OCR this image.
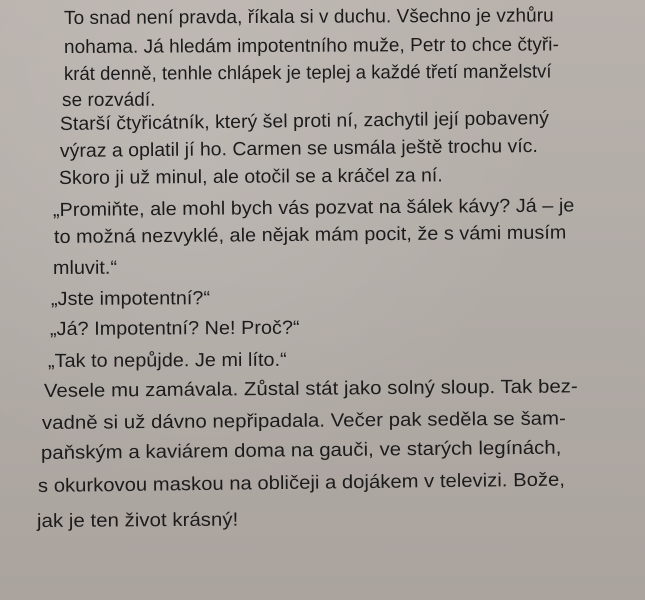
To snad není pravda, říkala si v duchu. Všechno je vzhůru
nohama. Já hledám impotentního muže, Petr to chce čtyři-
krát denně, tenhle chlápek je teplej a každé třetí manželství
se rozvádí.
Starší čtyřicátník, který šel proti ní, zachytil její pobavený
výraz a oplatil jí ho. Carmen se usmála ještě trochu víc.
Skoro ji už minul, ale otočil se a kráčel za ní.
„Promiňte, ale mohl bych vás pozvat na šálek kávy? Já – je
to možná nezvyklé, ale nějak mám pocit, že s vámi musím
mluvit.“
„Jste impotentní?“
„Já? Impotentní? Ne! Proč?“
„Tak to nepůjde. Je mi líto.“
Vesele mu zamávala. Zůstal stát jako solný sloup. Tak bez-
vadně si už dávno nepřipadala. Večer pak seděla se šam-
paňským a kaviárem doma na gauči, ve starých legínách,
s okurkovou maskou na obličeji a dojákem v televizi. Bože,
jak je ten život krásný!
